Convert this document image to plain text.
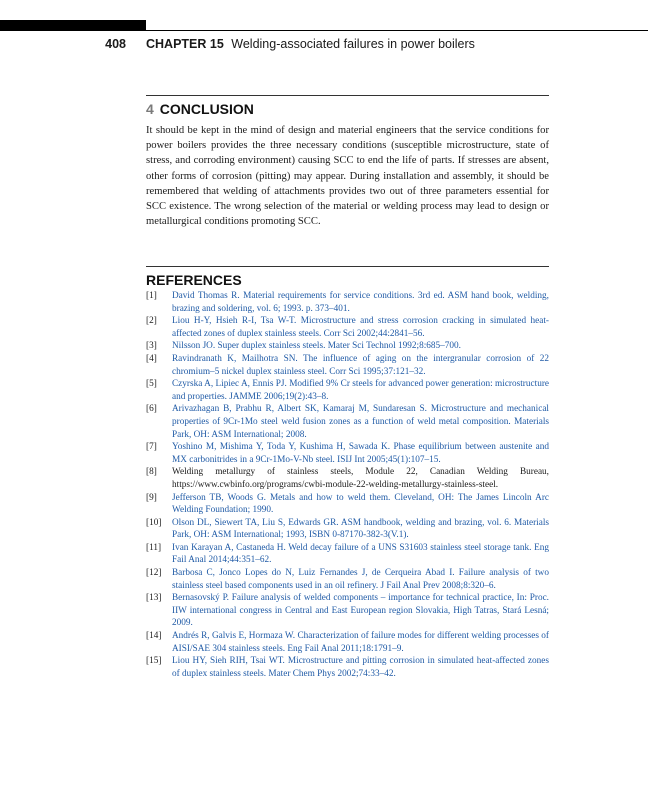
408 CHAPTER 15 Welding-associated failures in power boilers
4 CONCLUSION

It should be kept in the mind of design and material engineers that the service conditions for power boilers provides the three necessary conditions (susceptible microstructure, state of stress, and corroding environment) causing SCC to end the life of parts. If stresses are absent, other forms of corrosion (pitting) may appear. During installation and assembly, it should be remembered that welding of attachments provides two out of three parameters essential for SCC existence. The wrong selection of the material or welding process may lead to design or metallurgical conditions promoting SCC.

REFERENCES
[1]	David Thomas R. Material requirements for service conditions. 3rd ed. ASM hand book, welding, brazing and soldering, vol. 6; 1993. p. 373–401.
[2]	Liou H-Y, Hsieh R-I, Tsa W-T. Microstructure and stress corrosion cracking in simulated heat-affected zones of duplex stainless steels. Corr Sci 2002;44:2841–56.
[3]	Nilsson JO. Super duplex stainless steels. Mater Sci Technol 1992;8:685–700.
[4]	Ravindranath K, Mailhotra SN. The influence of aging on the intergranular corrosion of 22 chromium–5 nickel duplex stainless steel. Corr Sci 1995;37:121–32.
[5]	Czyrska A, Lipiec A, Ennis PJ. Modified 9% Cr steels for advanced power generation: microstructure and properties. JAMME 2006;19(2):43–8.
[6]	Arivazhagan B, Prabhu R, Albert SK, Kamaraj M, Sundaresan S. Microstructure and mechanical properties of 9Cr-1Mo steel weld fusion zones as a function of weld metal composition. Materials Park, OH: ASM International; 2008.
[7]	Yoshino M, Mishima Y, Toda Y, Kushima H, Sawada K. Phase equilibrium between austenite and MX carbonitrides in a 9Cr-1Mo-V-Nb steel. ISIJ Int 2005;45(1):107–15.
[8]	Welding metallurgy of stainless steels, Module 22, Canadian Welding Bureau, https://www.cwbinfo.org/programs/cwbi-module-22-welding-metallurgy-stainless-steel.
[9]	Jefferson TB, Woods G. Metals and how to weld them. Cleveland, OH: The James Lincoln Arc Welding Foundation; 1990.
[10]	Olson DL, Siewert TA, Liu S, Edwards GR. ASM handbook, welding and brazing, vol. 6. Materials Park, OH: ASM International; 1993, ISBN 0-87170-382-3(V.1).
[11]	Ivan Karayan A, Castaneda H. Weld decay failure of a UNS S31603 stainless steel storage tank. Eng Fail Anal 2014;44:351–62.
[12]	Barbosa C, Jonco Lopes do N, Luiz Fernandes J, de Cerqueira Abad I. Failure analysis of two stainless steel based components used in an oil refinery. J Fail Anal Prev 2008;8:320–6.
[13]	Bernasovský P. Failure analysis of welded components – importance for technical practice, In: Proc. IIW international congress in Central and East European region Slovakia, High Tatras, Stará Lesná; 2009.
[14]	Andrés R, Galvis E, Hormaza W. Characterization of failure modes for different welding processes of AISI/SAE 304 stainless steels. Eng Fail Anal 2011;18:1791–9.
[15]	Liou HY, Sieh RIH, Tsai WT. Microstructure and pitting corrosion in simulated heat-affected zones of duplex stainless steels. Mater Chem Phys 2002;74:33–42.
